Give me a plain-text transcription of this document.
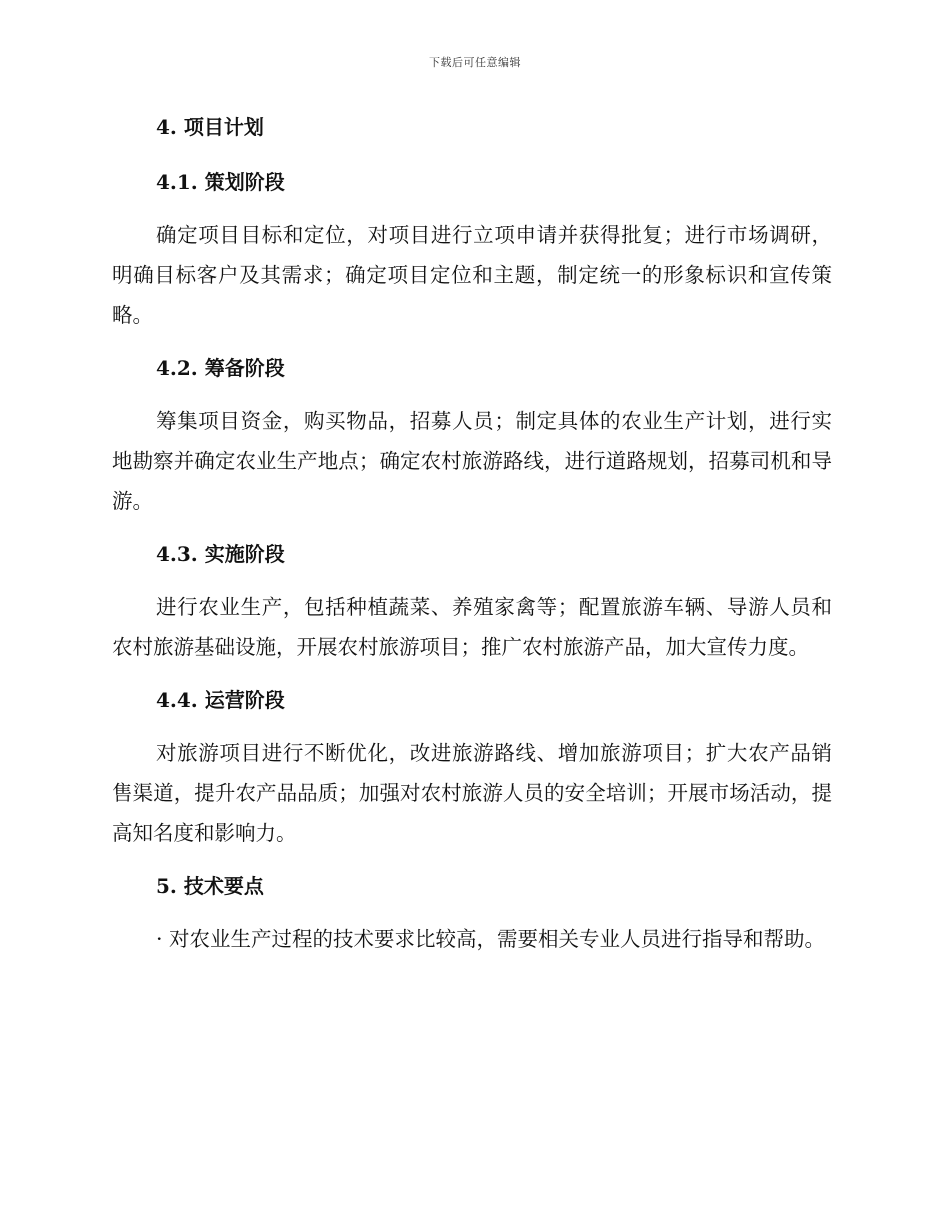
下载后可任意编辑
4. 项目计划
4.1. 策划阶段

确定项目目标和定位，对项目进行立项申请并获得批复；进行市场调研，明确目标客户及其需求；确定项目定位和主题，制定统一的形象标识和宣传策略。

4.2. 筹备阶段

筹集项目资金，购买物品，招募人员；制定具体的农业生产计划，进行实地勘察并确定农业生产地点；确定农村旅游路线，进行道路规划，招募司机和导游。

4.3. 实施阶段

进行农业生产，包括种植蔬菜、养殖家禽等；配置旅游车辆、导游人员和农村旅游基础设施，开展农村旅游项目；推广农村旅游产品，加大宣传力度。

4.4. 运营阶段

对旅游项目进行不断优化，改进旅游路线、增加旅游项目；扩大农产品销售渠道，提升农产品品质；加强对农村旅游人员的安全培训；开展市场活动，提高知名度和影响力。

5. 技术要点

· 对农业生产过程的技术要求比较高，需要相关专业人员进行指导和帮助。
